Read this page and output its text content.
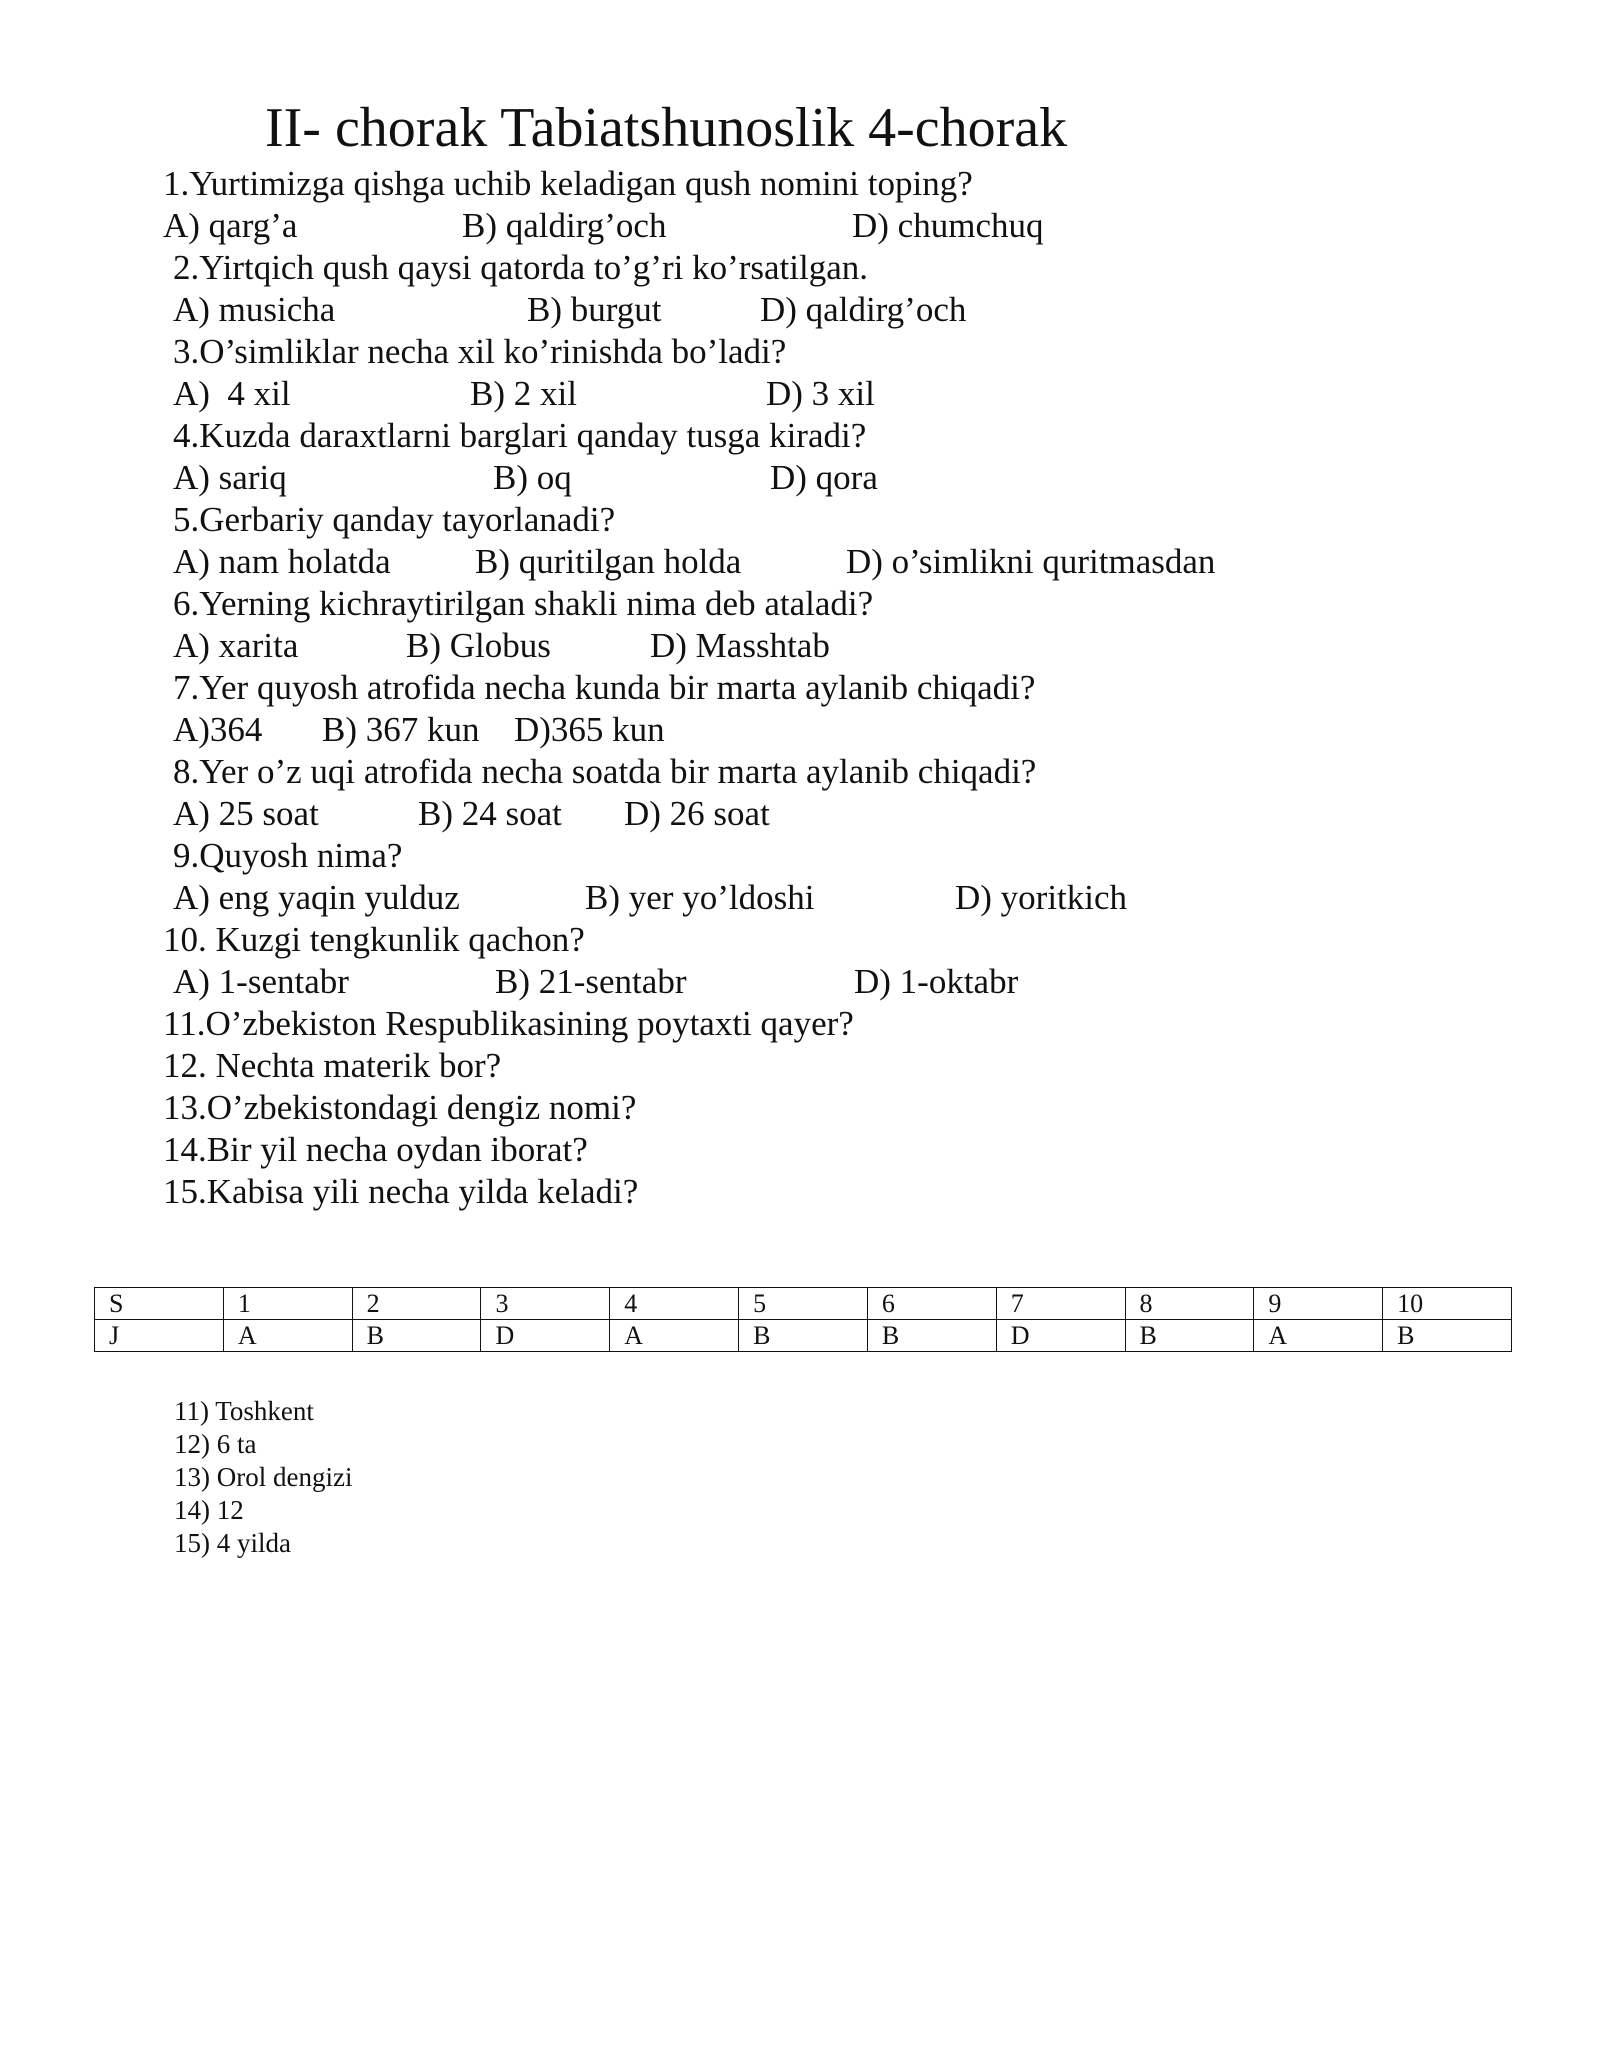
II- chorak Tabiatshunoslik 4-chorak
1.Yurtimizga qishga uchib keladigan qush nomini toping?
A) qarg’a	B) qaldirg’och	D) chumchuq
2.Yirtqich qush qaysi qatorda to’g’ri ko’rsatilgan.
A) musicha	B) burgut	D) qaldirg’och
3.O’simliklar necha xil ko’rinishda bo’ladi?
A)  4 xil	B) 2 xil	D) 3 xil
4.Kuzda daraxtlarni barglari qanday tusga kiradi?
A) sariq	B) oq	D) qora
5.Gerbariy qanday tayorlanadi?
A) nam holatda B) quritilgan holda	D) o’simlikni quritmasdan
6.Yerning kichraytirilgan shakli nima deb ataladi?
A) xarita	B) Globus	D) Masshtab
7.Yer quyosh atrofida necha kunda bir marta aylanib chiqadi?
A)364 B) 367 kun D)365 kun
8.Yer o’z uqi atrofida necha soatda bir marta aylanib chiqadi?
A) 25 soat	B) 24 soat D) 26 soat
9.Quyosh nima?
A) eng yaqin yulduz	B) yer yo’ldoshi	D) yoritkich
10. Kuzgi tengkunlik qachon?
A) 1-sentabr	B) 21-sentabr	D) 1-oktabr
11.O’zbekiston Respublikasining poytaxti qayer?
12. Nechta materik bor?
13.O’zbekistondagi dengiz nomi?
14.Bir yil necha oydan iborat?
15.Kabisa yili necha yilda keladi?
S	1	2	3	4	5	6	7	8	9	10
J	A	B	D	A	B	B	D	B	A	B
11) Toshkent
12) 6 ta
13) Orol dengizi
14) 12
15) 4 yilda
